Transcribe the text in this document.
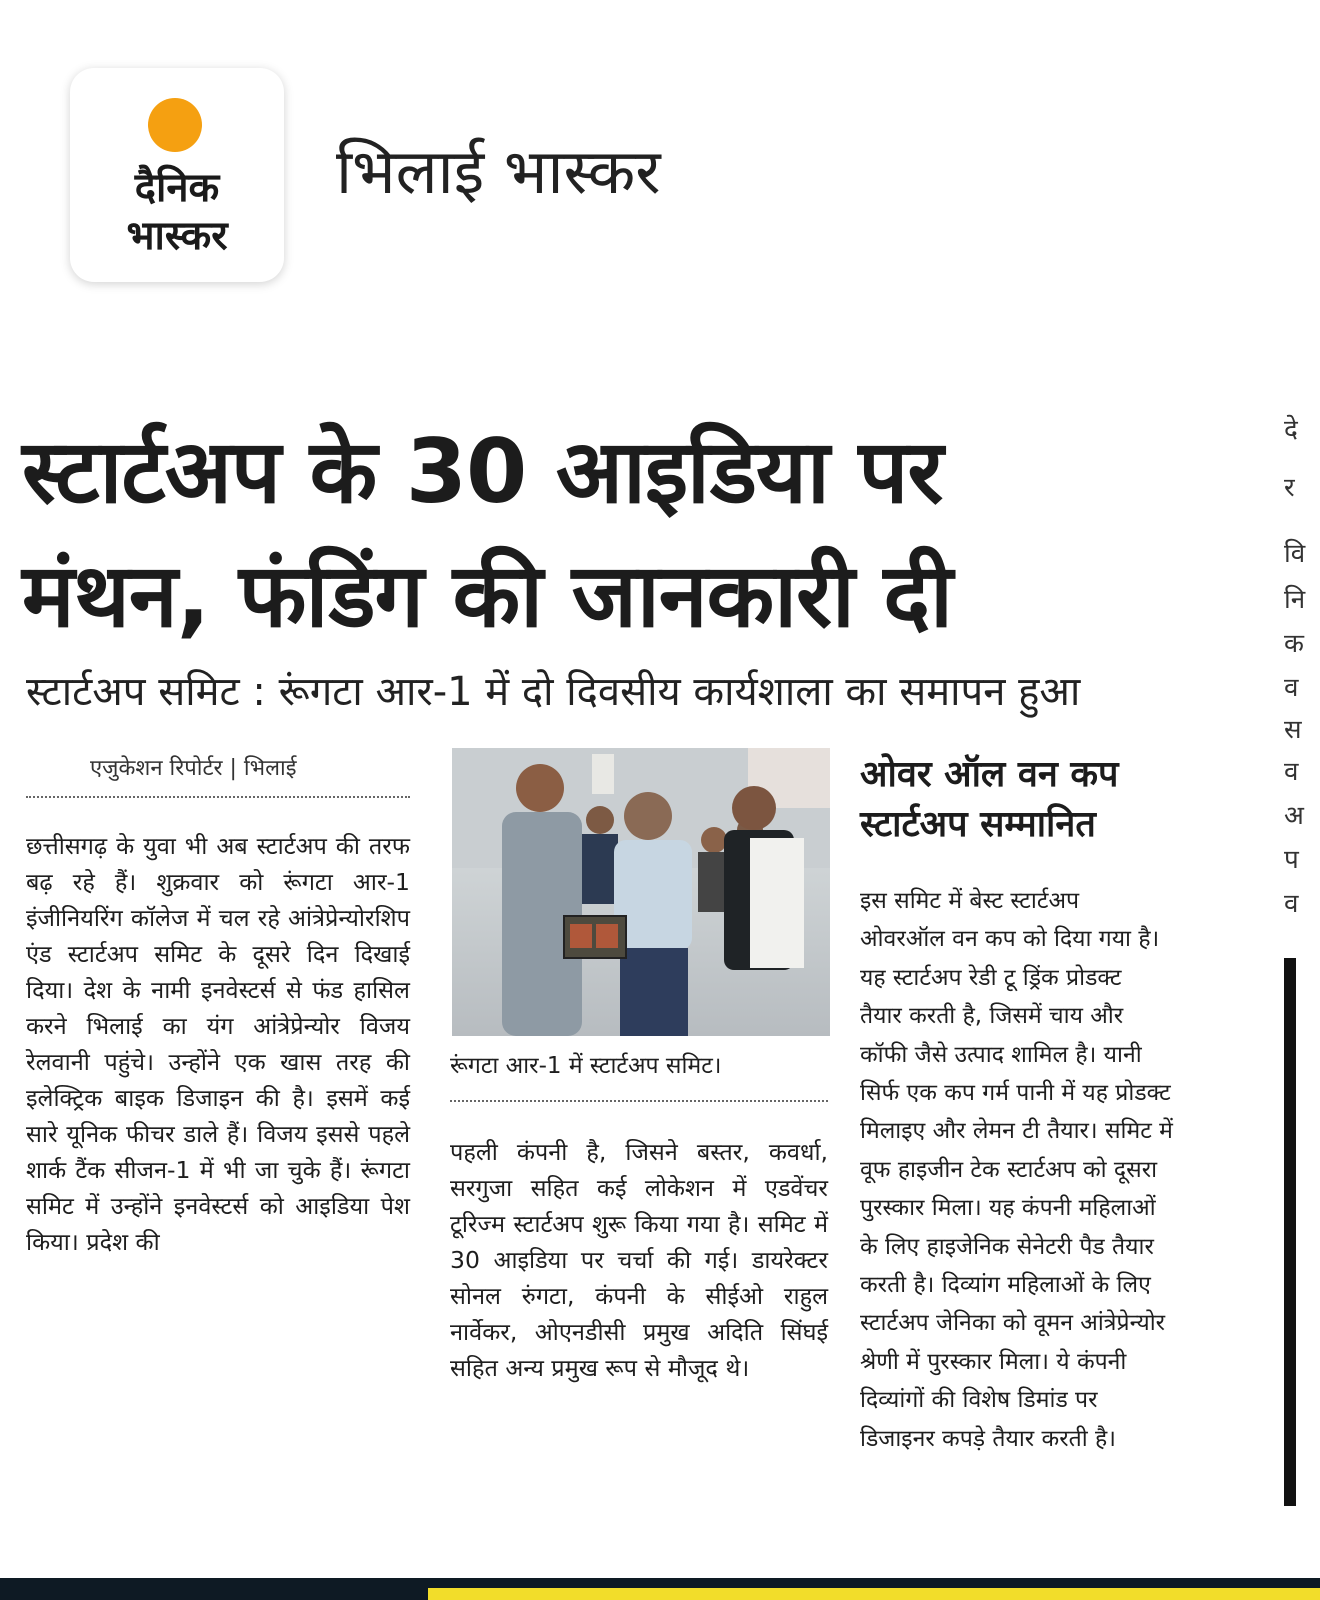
दैनिक
भास्कर
भिलाई भास्कर
स्टार्टअप के 30 आइडिया पर
मंथन, फंडिंग की जानकारी दी
स्टार्टअप समिट : रूंगटा आर-1 में दो दिवसीय कार्यशाला का समापन हुआ
एजुकेशन रिपोर्टर | भिलाई

छत्तीसगढ़ के युवा भी अब स्टार्टअप की तरफ बढ़ रहे हैं। शुक्रवार को रूंगटा आर-1 इंजीनियरिंग कॉलेज में चल रहे आंत्रेप्रेन्योरशिप एंड स्टार्टअप समिट के दूसरे दिन दिखाई दिया। देश के नामी इनवेस्टर्स से फंड हासिल करने भिलाई का यंग आंत्रेप्रेन्योर विजय रेलवानी पहुंचे। उन्होंने एक खास तरह की इलेक्ट्रिक बाइक डिजाइन की है। इसमें कई सारे यूनिक फीचर डाले हैं। विजय इससे पहले शार्क टैंक सीजन-1 में भी जा चुके हैं। रूंगटा समिट में उन्होंने इनवेस्टर्स को आइडिया पेश किया। प्रदेश की

रूंगटा आर-1 में स्टार्टअप समिट।

पहली कंपनी है, जिसने बस्तर, कवर्धा, सरगुजा सहित कई लोकेशन में एडवेंचर टूरिज्म स्टार्टअप शुरू किया गया है। समिट में 30 आइडिया पर चर्चा की गई। डायरेक्टर सोनल रुंगटा, कंपनी के सीईओ राहुल नार्वेकर, ओएनडीसी प्रमुख अदिति सिंघई सहित अन्य प्रमुख रूप से मौजूद थे।

ओवर ऑल वन कप
स्टार्टअप सम्मानित
इस समिट में बेस्ट स्टार्टअप
ओवरऑल वन कप को दिया गया है।
यह स्टार्टअप रेडी टू ड्रिंक प्रोडक्ट
तैयार करती है, जिसमें चाय और
कॉफी जैसे उत्पाद शामिल है। यानी
सिर्फ एक कप गर्म पानी में यह प्रोडक्ट
मिलाइए और लेमन टी तैयार। समिट में
वूफ हाइजीन टेक स्टार्टअप को दूसरा
पुरस्कार मिला। यह कंपनी महिलाओं
के लिए हाइजेनिक सेनेटरी पैड तैयार
करती है। दिव्यांग महिलाओं के लिए
स्टार्टअप जेनिका को वूमन आंत्रेप्रेन्योर
श्रेणी में पुरस्कार मिला। ये कंपनी
दिव्यांगों की विशेष डिमांड पर
डिजाइनर कपड़े तैयार करती है।
दे
र
वि
नि
क
व
स
व
अ
प
व
